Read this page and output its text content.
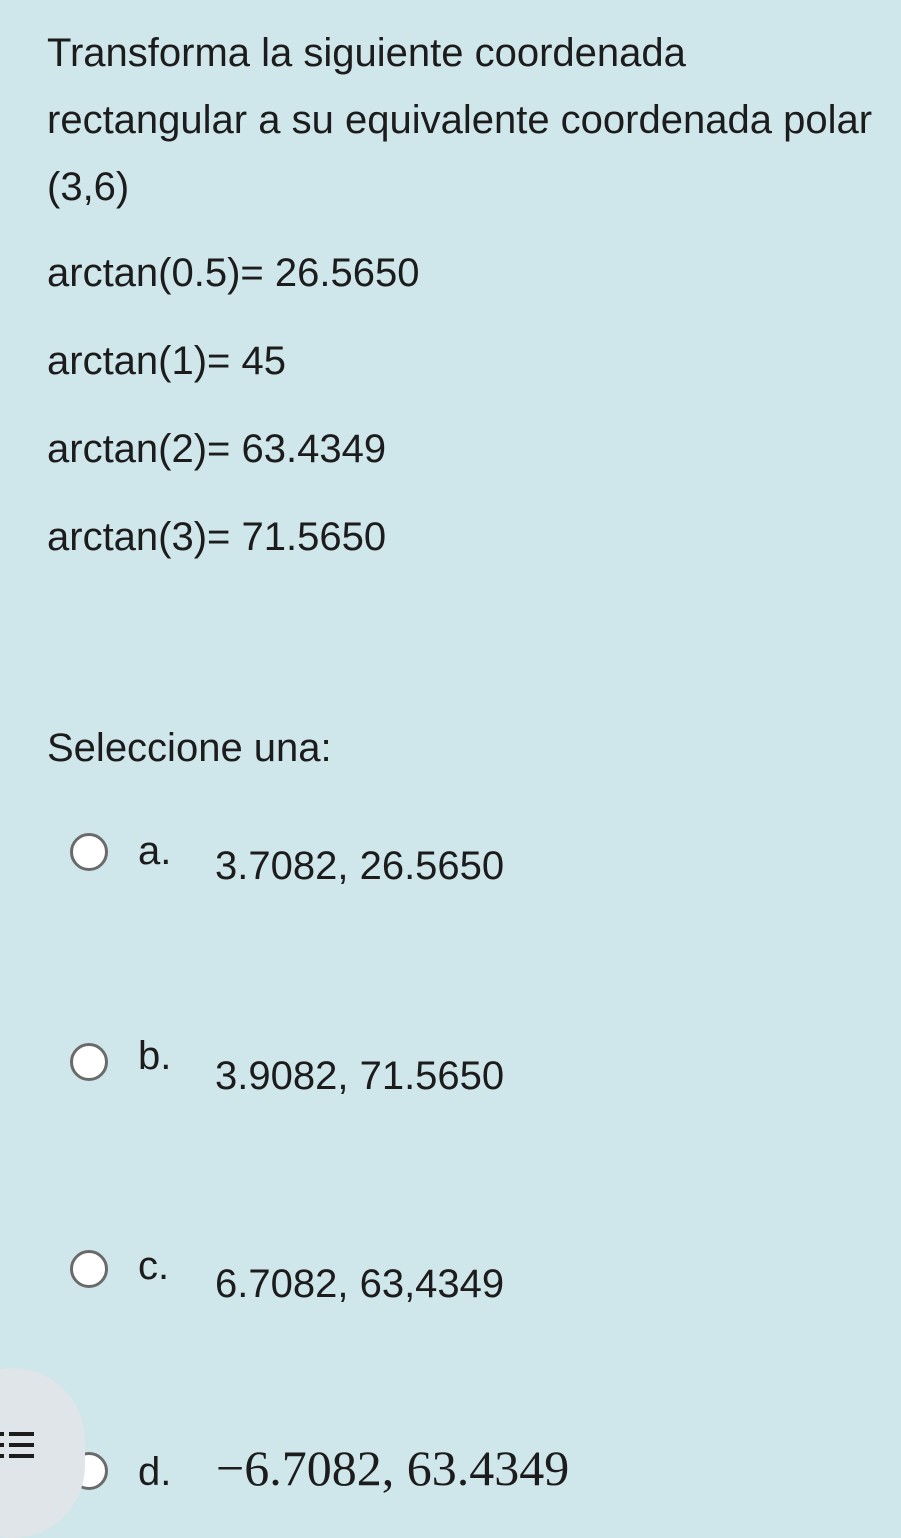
Transforma la siguiente coordenada rectangular a su equivalente coordenada polar (3,6)
arctan(0.5)= 26.5650
arctan(1)= 45
arctan(2)= 63.4349
arctan(3)= 71.5650
Seleccione una:
a. 3.7082, 26.5650
b. 3.9082, 71.5650
c. 6.7082, 63,4349
d. −6.7082, 63.4349
